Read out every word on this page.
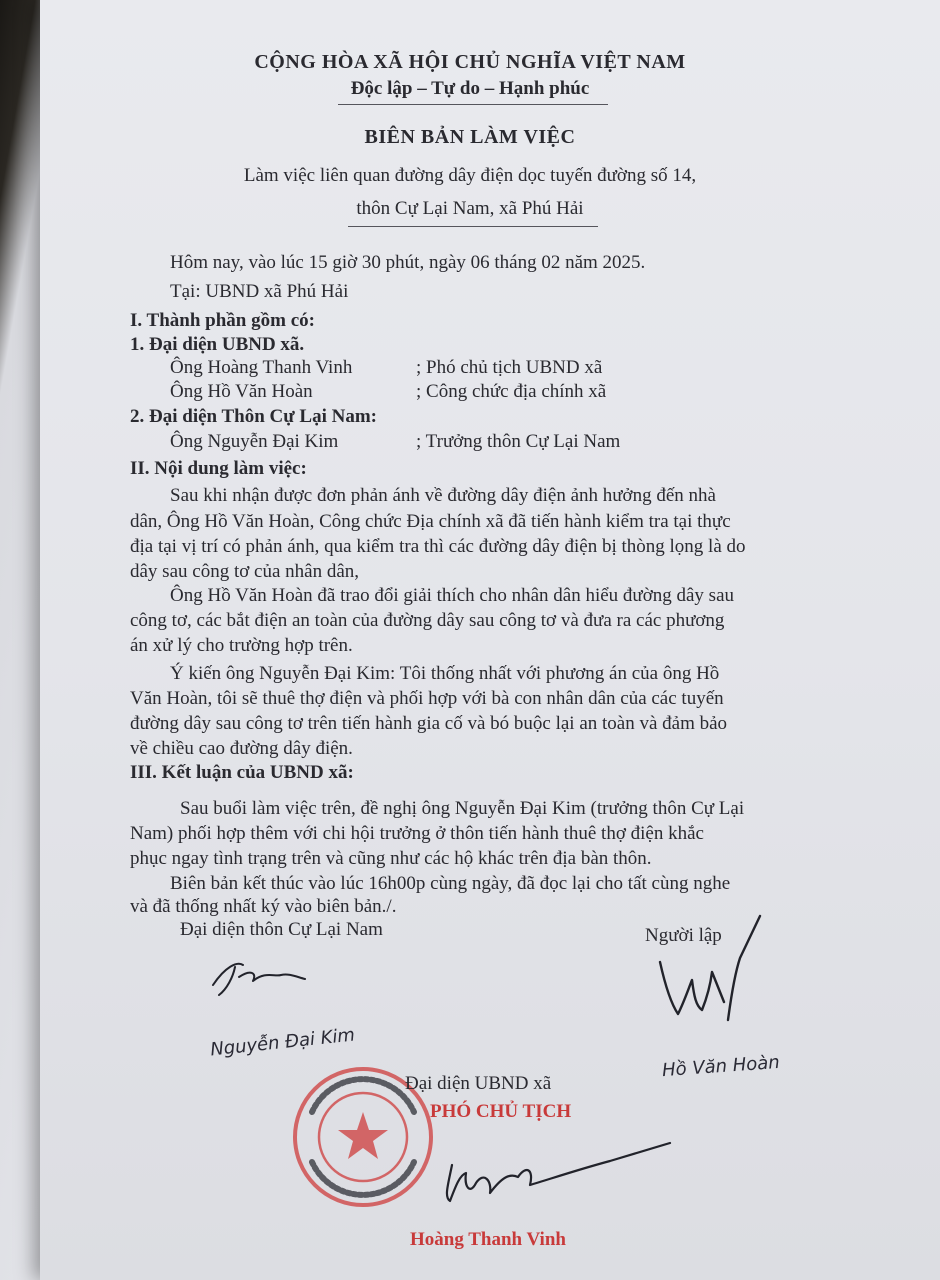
CỘNG HÒA XÃ HỘI CHỦ NGHĨA VIỆT NAM
Độc lập – Tự do – Hạnh phúc
BIÊN BẢN LÀM VIỆC
Làm việc liên quan đường dây điện dọc tuyến đường số 14,
thôn Cự Lại Nam, xã Phú Hải
Hôm nay, vào lúc 15 giờ 30 phút, ngày 06 tháng 02 năm 2025.
Tại: UBND xã Phú Hải
I. Thành phần gồm có:
1. Đại diện UBND xã.
Ông Hoàng Thanh Vinh	; Phó chủ tịch UBND xã
Ông Hồ Văn Hoàn	; Công chức địa chính xã
2. Đại diện Thôn Cự Lại Nam:
Ông Nguyễn Đại Kim	; Trưởng thôn Cự Lại Nam
II. Nội dung làm việc:
Sau khi nhận được đơn phản ánh về đường dây điện ảnh hưởng đến nhà
dân, Ông Hồ Văn Hoàn, Công chức Địa chính xã đã tiến hành kiểm tra tại thực
địa tại vị trí có phản ánh, qua kiểm tra thì các đường dây điện bị thòng lọng là do
dây sau công tơ của nhân dân,
Ông Hồ Văn Hoàn đã trao đổi giải thích cho nhân dân hiểu đường dây sau
công tơ, các bắt điện an toàn của đường dây sau công tơ và đưa ra các phương
án xử lý cho trường hợp trên.
Ý kiến ông Nguyễn Đại Kim: Tôi thống nhất với phương án của ông Hồ
Văn Hoàn, tôi sẽ thuê thợ điện và phối hợp với bà con nhân dân của các tuyến
đường dây sau công tơ trên tiến hành gia cố và bó buộc lại an toàn và đảm bảo
về chiều cao đường dây điện.
III. Kết luận của UBND xã:
Sau buổi làm việc trên, đề nghị ông Nguyễn Đại Kim (trưởng thôn Cự Lại
Nam) phối hợp thêm với chi hội trưởng ở thôn tiến hành thuê thợ điện khắc
phục ngay tình trạng trên và cũng như các hộ khác trên địa bàn thôn.
Biên bản kết thúc vào lúc 16h00p cùng ngày, đã đọc lại cho tất cùng nghe
và đã thống nhất ký vào biên bản./.
Đại diện thôn Cự Lại Nam	Người lập
Nguyễn Đại Kim
Hồ Văn Hoàn
Đại diện UBND xã
PHÓ CHỦ TỊCH
Hoàng Thanh Vinh
